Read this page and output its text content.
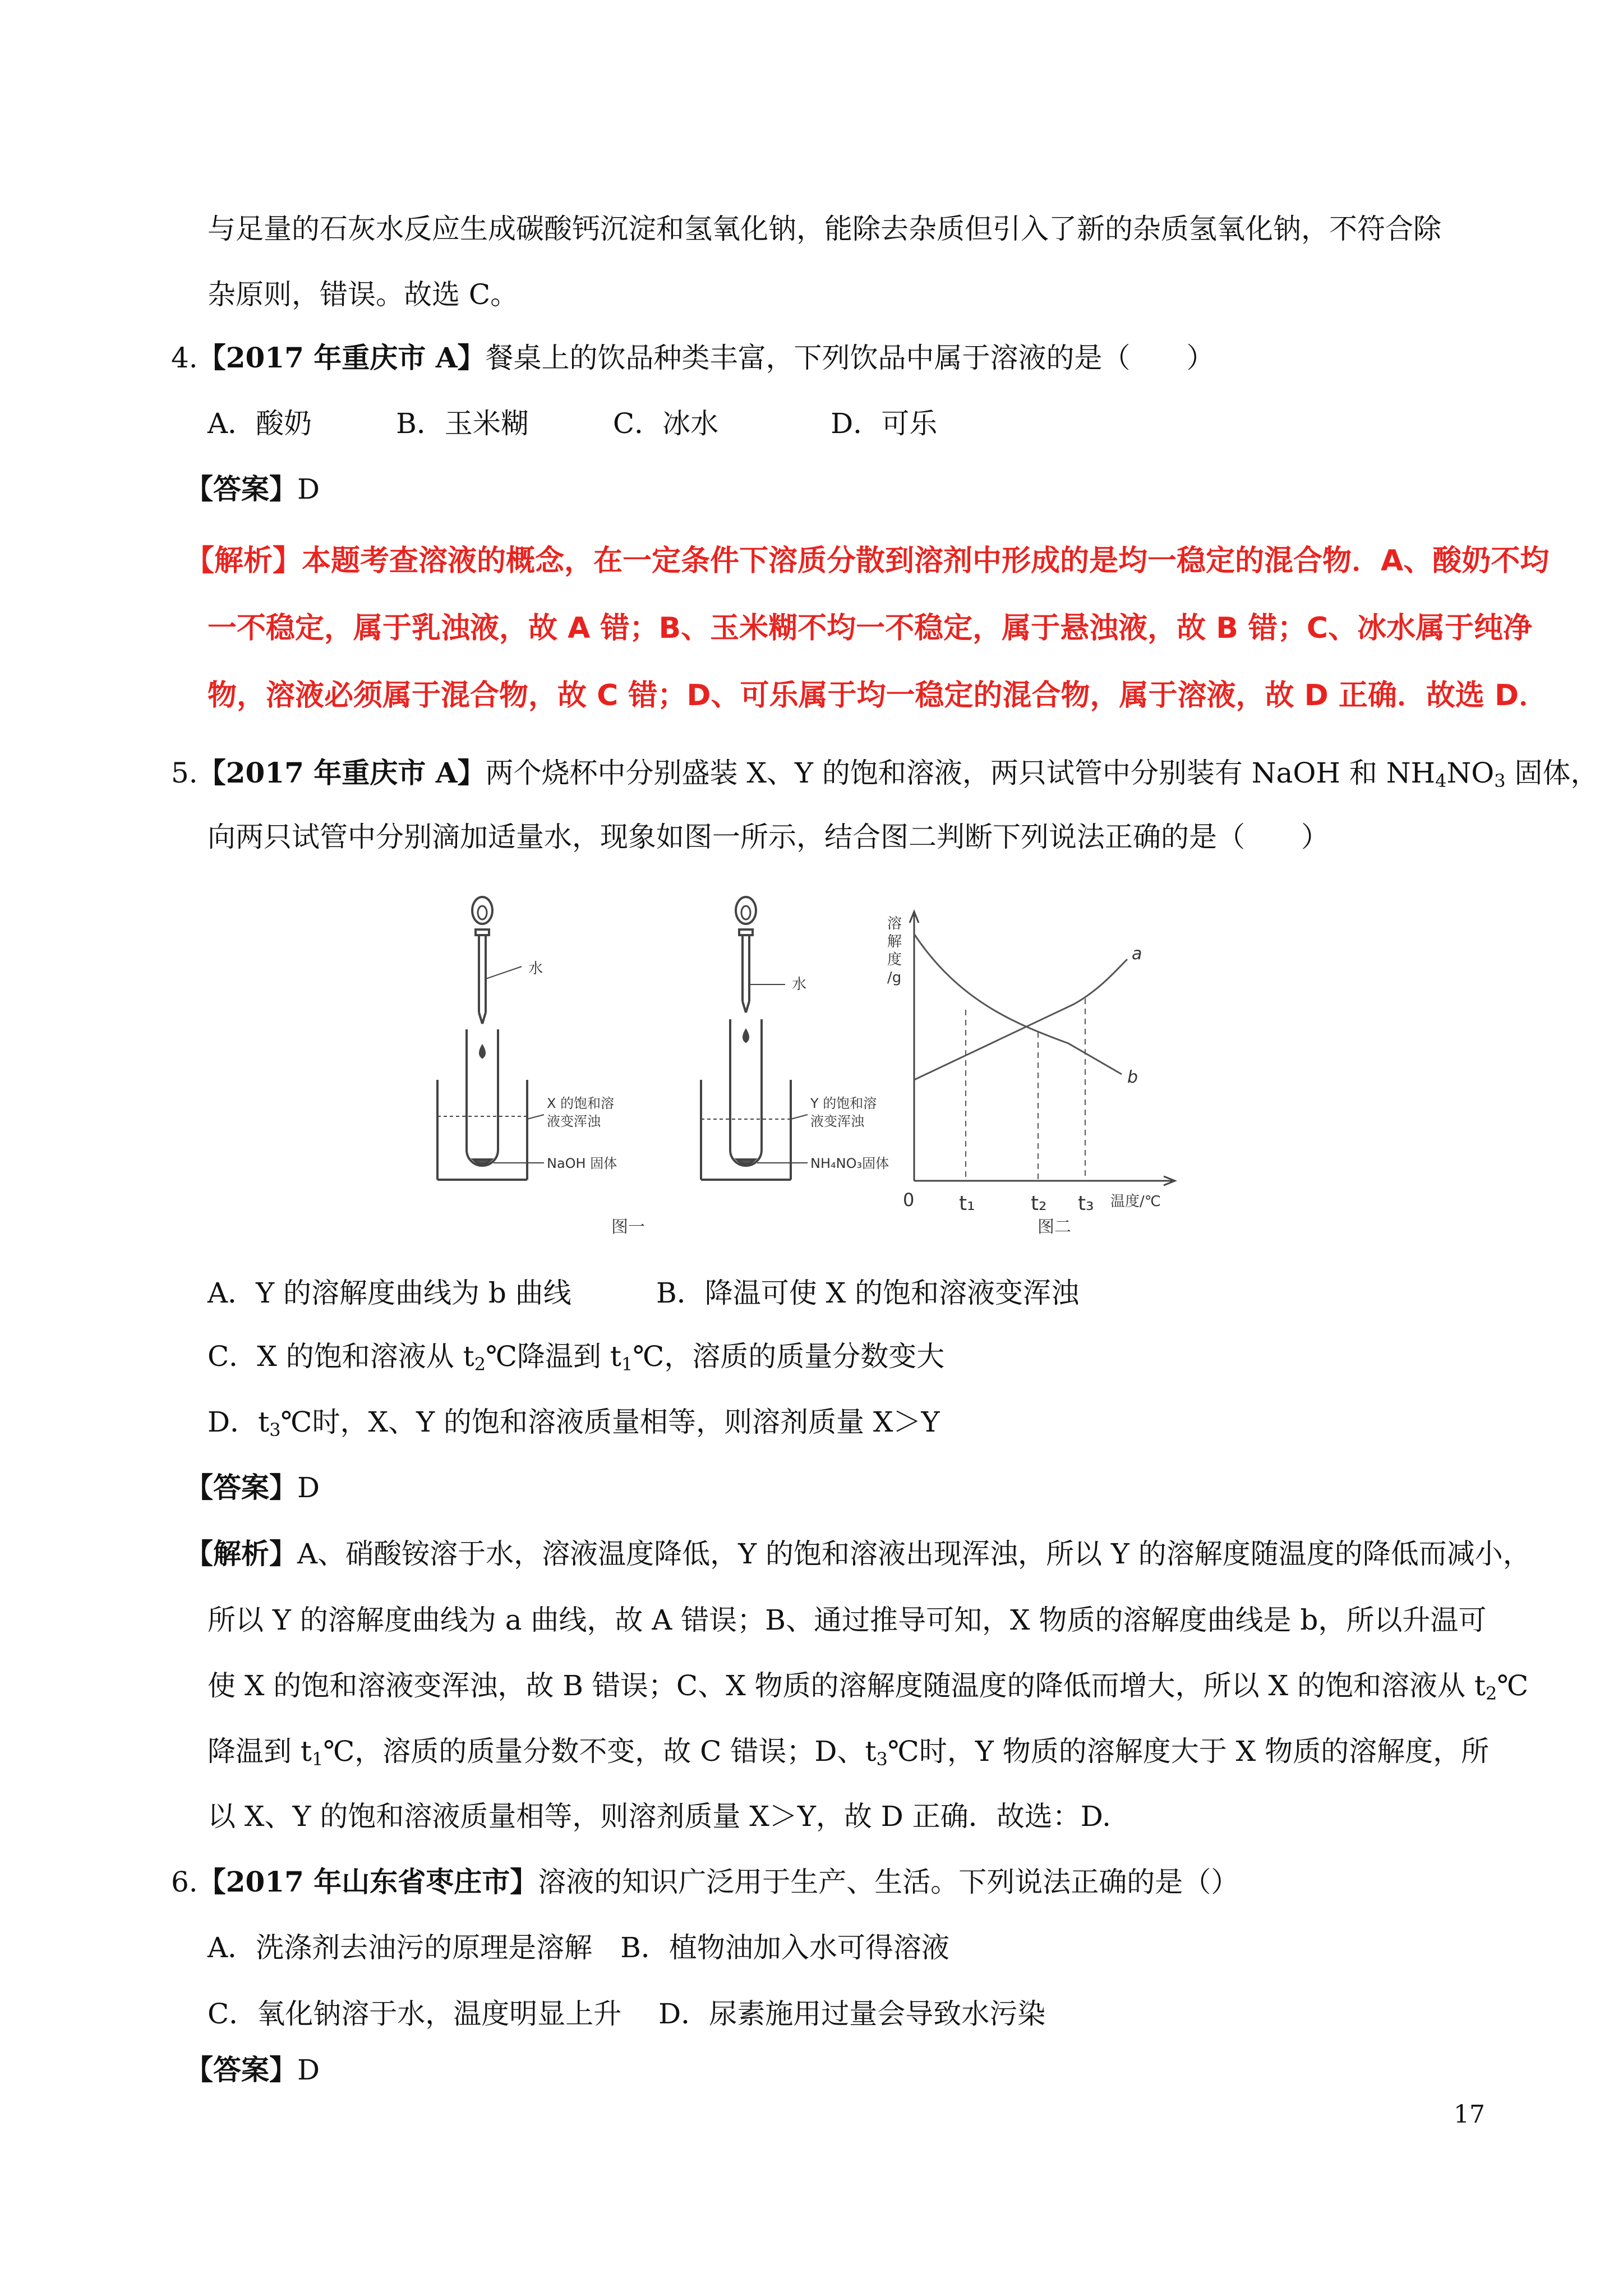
与足量的石灰水反应生成碳酸钙沉淀和氢氧化钠，能除去杂质但引入了新的杂质氢氧化钠，不符合除
杂原则，错误。故选 C。
4.【2017 年重庆市 A】餐桌上的饮品种类丰富，下列饮品中属于溶液的是（　　）
A．酸奶　　　B．玉米糊　　　C．冰水　　　　D．可乐
【答案】D
【解析】本题考查溶液的概念，在一定条件下溶质分散到溶剂中形成的是均一稳定的混合物．A、酸奶不均
一不稳定，属于乳浊液，故 A 错；B、玉米糊不均一不稳定，属于悬浊液，故 B 错；C、冰水属于纯净
物，溶液必须属于混合物，故 C 错；D、可乐属于均一稳定的混合物，属于溶液，故 D 正确．故选 D．
5.【2017 年重庆市 A】两个烧杯中分别盛装 X、Y 的饱和溶液，两只试管中分别装有 NaOH 和 $NH_4NO_3$ 固体，
向两只试管中分别滴加适量水，现象如图一所示，结合图二判断下列说法正确的是（　　）
水
X 的饱和溶
液变浑浊
NaOH 固体
图一
水
Y 的饱和溶
液变浑浊
NH₄NO₃固体
溶
解
度
/g
0 t₁	t₂ t₃ 温度/℃
a
b
图二
A．Y 的溶解度曲线为 b 曲线	B．降温可使 X 的饱和溶液变浑浊
C．X 的饱和溶液从 $t_2℃$降温到 $t_1℃$，溶质的质量分数变大
D．$t_3℃$时，X、Y 的饱和溶液质量相等，则溶剂质量 X＞Y
【答案】D
【解析】A、硝酸铵溶于水，溶液温度降低，Y 的饱和溶液出现浑浊，所以 Y 的溶解度随温度的降低而减小，
所以 Y 的溶解度曲线为 a 曲线，故 A 错误；B、通过推导可知，X 物质的溶解度曲线是 b，所以升温可
使 X 的饱和溶液变浑浊，故 B 错误；C、X 物质的溶解度随温度的降低而增大，所以 X 的饱和溶液从 $t_2℃$
降温到 $t_1℃$，溶质的质量分数不变，故 C 错误；D、$t_3℃$时，Y 物质的溶解度大于 X 物质的溶解度，所
以 X、Y 的饱和溶液质量相等，则溶剂质量 X＞Y，故 D 正确．故选：D.
6.【2017 年山东省枣庄市】溶液的知识广泛用于生产、生活。下列说法正确的是（）
A．洗涤剂去油污的原理是溶解　B．植物油加入水可得溶液
C．氧化钠溶于水，温度明显上升　 D．尿素施用过量会导致水污染
【答案】D
17
